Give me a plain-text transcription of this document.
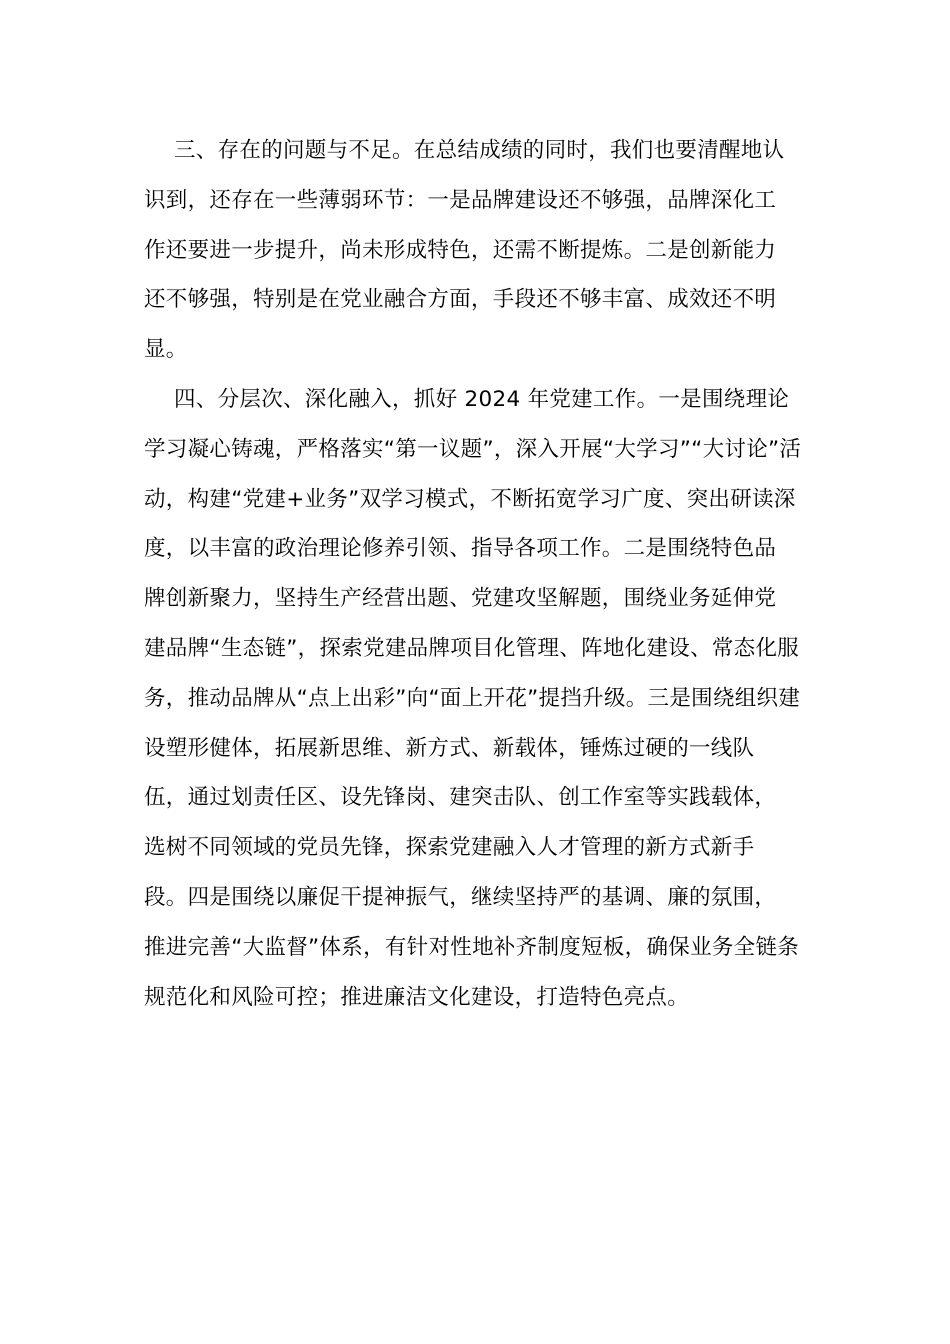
三、存在的问题与不足。在总结成绩的同时，我们也要清醒地认
识到，还存在一些薄弱环节：一是品牌建设还不够强，品牌深化工
作还要进一步提升，尚未形成特色，还需不断提炼。二是创新能力
还不够强，特别是在党业融合方面，手段还不够丰富、成效还不明
显。

四、分层次、深化融入，抓好 2024 年党建工作。一是围绕理论
学习凝心铸魂，严格落实“第一议题”，深入开展“大学习”“大讨论”活
动，构建“党建+业务”双学习模式，不断拓宽学习广度、突出研读深
度，以丰富的政治理论修养引领、指导各项工作。二是围绕特色品
牌创新聚力，坚持生产经营出题、党建攻坚解题，围绕业务延伸党
建品牌“生态链”，探索党建品牌项目化管理、阵地化建设、常态化服
务，推动品牌从“点上出彩”向“面上开花”提挡升级。三是围绕组织建
设塑形健体，拓展新思维、新方式、新载体，锤炼过硬的一线队
伍，通过划责任区、设先锋岗、建突击队、创工作室等实践载体，
选树不同领域的党员先锋，探索党建融入人才管理的新方式新手
段。四是围绕以廉促干提神振气，继续坚持严的基调、廉的氛围，
推进完善“大监督”体系，有针对性地补齐制度短板，确保业务全链条
规范化和风险可控；推进廉洁文化建设，打造特色亮点。
